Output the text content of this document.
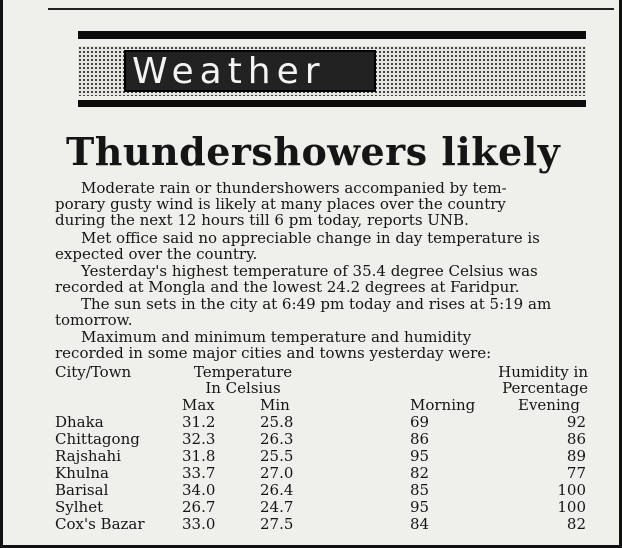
Weather
Thundershowers likely
Moderate rain or thundershowers accompanied by tem-
porary gusty wind is likely at many places over the country
during the next 12 hours till 6 pm today, reports UNB.
Met office said no appreciable change in day temperature is
expected over the country.
Yesterday's highest temperature of 35.4 degree Celsius was
recorded at Mongla and the lowest 24.2 degrees at Faridpur.
The sun sets in the city at 6:49 pm today and rises at 5:19 am
tomorrow.
Maximum and minimum temperature and humidity
recorded in some major cities and towns yesterday were:
City/Town	Temperature
In Celsius
Humidity in
Percentage
Max	Min	Morning	Evening
Dhaka	31.2	25.8	69	92
Chittagong	32.3	26.3	86	86
Rajshahi	31.8	25.5	95	89
Khulna	33.7	27.0	82	77
Barisal	34.0	26.4	85	100
Sylhet	26.7	24.7	95	100
Cox's Bazar 33.0	27.5	84	82
